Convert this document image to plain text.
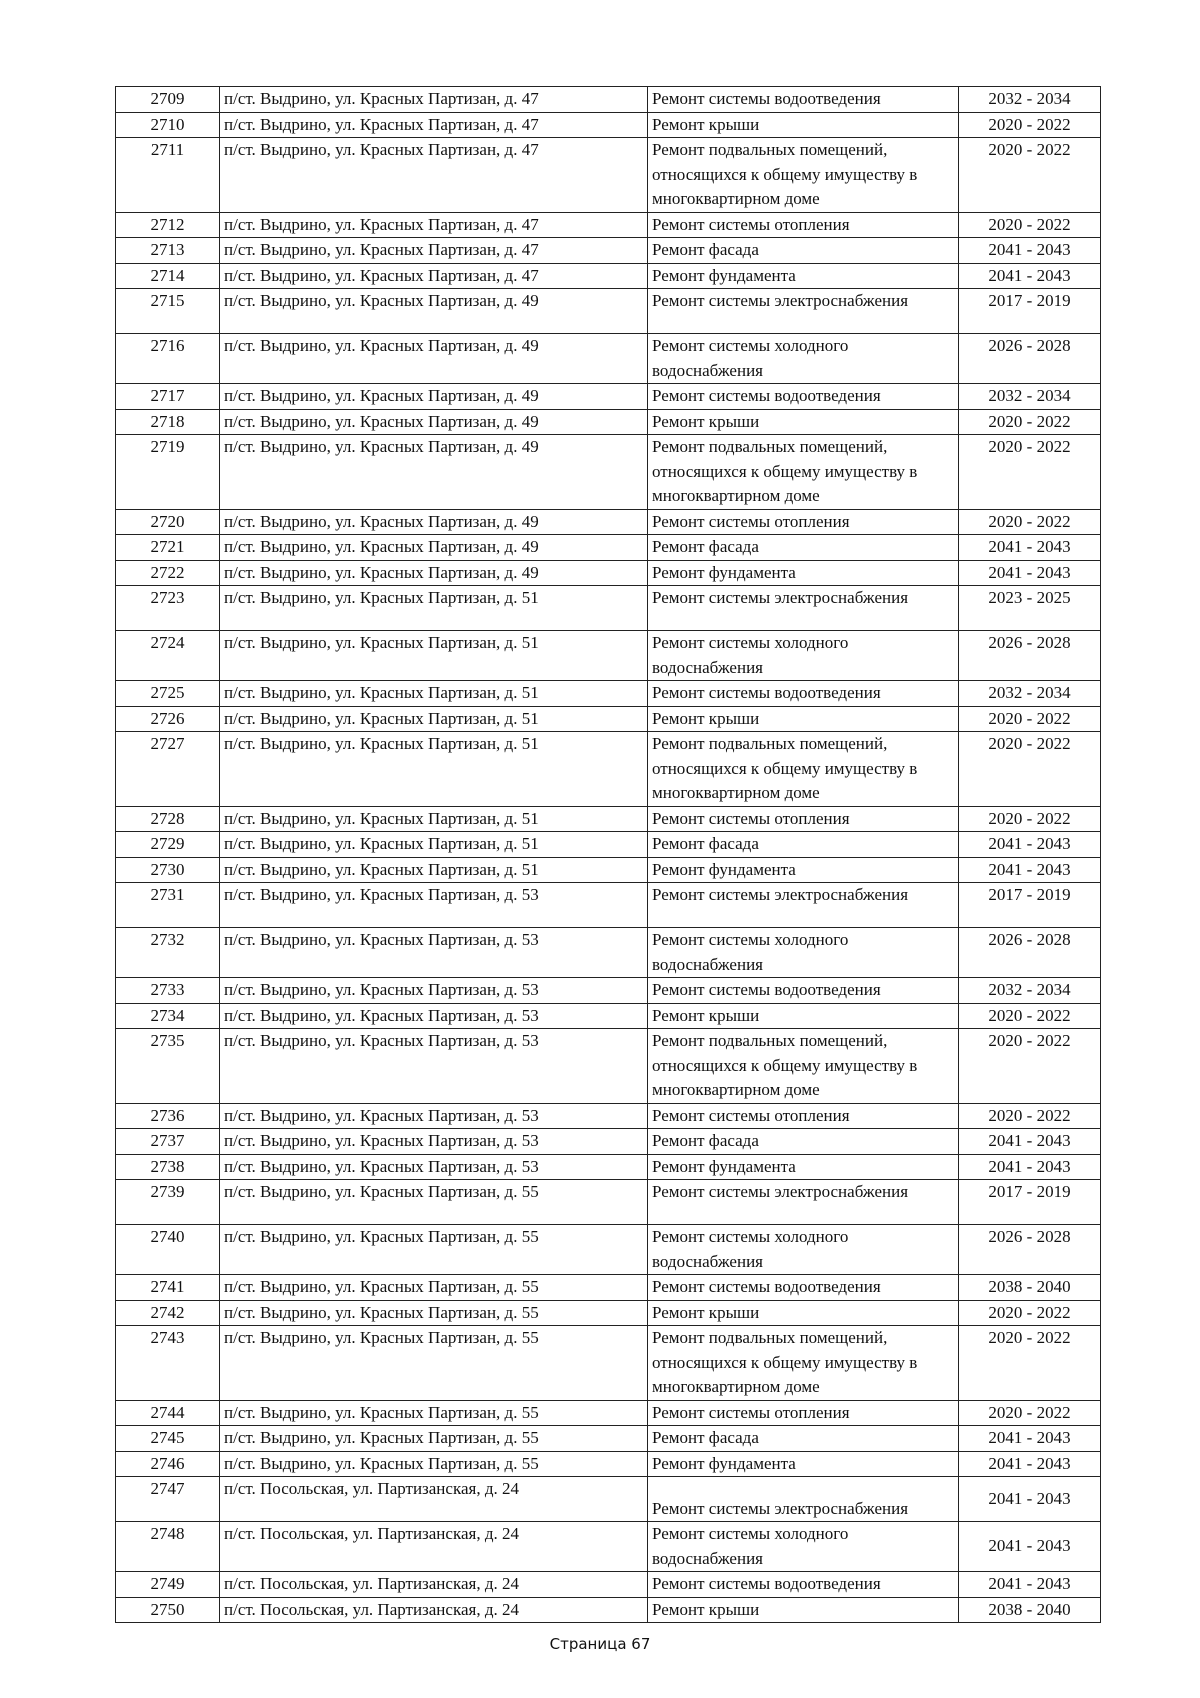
2709	п/ст. Выдрино, ул. Красных Партизан, д. 47	Ремонт системы водоотведения	2032 - 2034
2710	п/ст. Выдрино, ул. Красных Партизан, д. 47	Ремонт крыши	2020 - 2022
2711	п/ст. Выдрино, ул. Красных Партизан, д. 47	Ремонт подвальных помещений, относящихся к общему имуществу в многоквартирном доме	2020 - 2022
2712	п/ст. Выдрино, ул. Красных Партизан, д. 47	Ремонт системы отопления	2020 - 2022
2713	п/ст. Выдрино, ул. Красных Партизан, д. 47	Ремонт фасада	2041 - 2043
2714	п/ст. Выдрино, ул. Красных Партизан, д. 47	Ремонт фундамента	2041 - 2043
2715	п/ст. Выдрино, ул. Красных Партизан, д. 49	Ремонт системы электроснабжения	2017 - 2019
2716	п/ст. Выдрино, ул. Красных Партизан, д. 49	Ремонт системы холодного водоснабжения	2026 - 2028
2717	п/ст. Выдрино, ул. Красных Партизан, д. 49	Ремонт системы водоотведения	2032 - 2034
2718	п/ст. Выдрино, ул. Красных Партизан, д. 49	Ремонт крыши	2020 - 2022
2719	п/ст. Выдрино, ул. Красных Партизан, д. 49	Ремонт подвальных помещений, относящихся к общему имуществу в многоквартирном доме	2020 - 2022
2720	п/ст. Выдрино, ул. Красных Партизан, д. 49	Ремонт системы отопления	2020 - 2022
2721	п/ст. Выдрино, ул. Красных Партизан, д. 49	Ремонт фасада	2041 - 2043
2722	п/ст. Выдрино, ул. Красных Партизан, д. 49	Ремонт фундамента	2041 - 2043
2723	п/ст. Выдрино, ул. Красных Партизан, д. 51	Ремонт системы электроснабжения	2023 - 2025
2724	п/ст. Выдрино, ул. Красных Партизан, д. 51	Ремонт системы холодного водоснабжения	2026 - 2028
2725	п/ст. Выдрино, ул. Красных Партизан, д. 51	Ремонт системы водоотведения	2032 - 2034
2726	п/ст. Выдрино, ул. Красных Партизан, д. 51	Ремонт крыши	2020 - 2022
2727	п/ст. Выдрино, ул. Красных Партизан, д. 51	Ремонт подвальных помещений, относящихся к общему имуществу в многоквартирном доме	2020 - 2022
2728	п/ст. Выдрино, ул. Красных Партизан, д. 51	Ремонт системы отопления	2020 - 2022
2729	п/ст. Выдрино, ул. Красных Партизан, д. 51	Ремонт фасада	2041 - 2043
2730	п/ст. Выдрино, ул. Красных Партизан, д. 51	Ремонт фундамента	2041 - 2043
2731	п/ст. Выдрино, ул. Красных Партизан, д. 53	Ремонт системы электроснабжения	2017 - 2019
2732	п/ст. Выдрино, ул. Красных Партизан, д. 53	Ремонт системы холодного водоснабжения	2026 - 2028
2733	п/ст. Выдрино, ул. Красных Партизан, д. 53	Ремонт системы водоотведения	2032 - 2034
2734	п/ст. Выдрино, ул. Красных Партизан, д. 53	Ремонт крыши	2020 - 2022
2735	п/ст. Выдрино, ул. Красных Партизан, д. 53	Ремонт подвальных помещений, относящихся к общему имуществу в многоквартирном доме	2020 - 2022
2736	п/ст. Выдрино, ул. Красных Партизан, д. 53	Ремонт системы отопления	2020 - 2022
2737	п/ст. Выдрино, ул. Красных Партизан, д. 53	Ремонт фасада	2041 - 2043
2738	п/ст. Выдрино, ул. Красных Партизан, д. 53	Ремонт фундамента	2041 - 2043
2739	п/ст. Выдрино, ул. Красных Партизан, д. 55	Ремонт системы электроснабжения	2017 - 2019
2740	п/ст. Выдрино, ул. Красных Партизан, д. 55	Ремонт системы холодного водоснабжения	2026 - 2028
2741	п/ст. Выдрино, ул. Красных Партизан, д. 55	Ремонт системы водоотведения	2038 - 2040
2742	п/ст. Выдрино, ул. Красных Партизан, д. 55	Ремонт крыши	2020 - 2022
2743	п/ст. Выдрино, ул. Красных Партизан, д. 55	Ремонт подвальных помещений, относящихся к общему имуществу в многоквартирном доме	2020 - 2022
2744	п/ст. Выдрино, ул. Красных Партизан, д. 55	Ремонт системы отопления	2020 - 2022
2745	п/ст. Выдрино, ул. Красных Партизан, д. 55	Ремонт фасада	2041 - 2043
2746	п/ст. Выдрино, ул. Красных Партизан, д. 55	Ремонт фундамента	2041 - 2043
2747	п/ст. Посольская, ул. Партизанская, д. 24	Ремонт системы электроснабжения	2041 - 2043
2748	п/ст. Посольская, ул. Партизанская, д. 24	Ремонт системы холодного водоснабжения	2041 - 2043
2749	п/ст. Посольская, ул. Партизанская, д. 24	Ремонт системы водоотведения	2041 - 2043
2750	п/ст. Посольская, ул. Партизанская, д. 24	Ремонт крыши	2038 - 2040
Страница 67
